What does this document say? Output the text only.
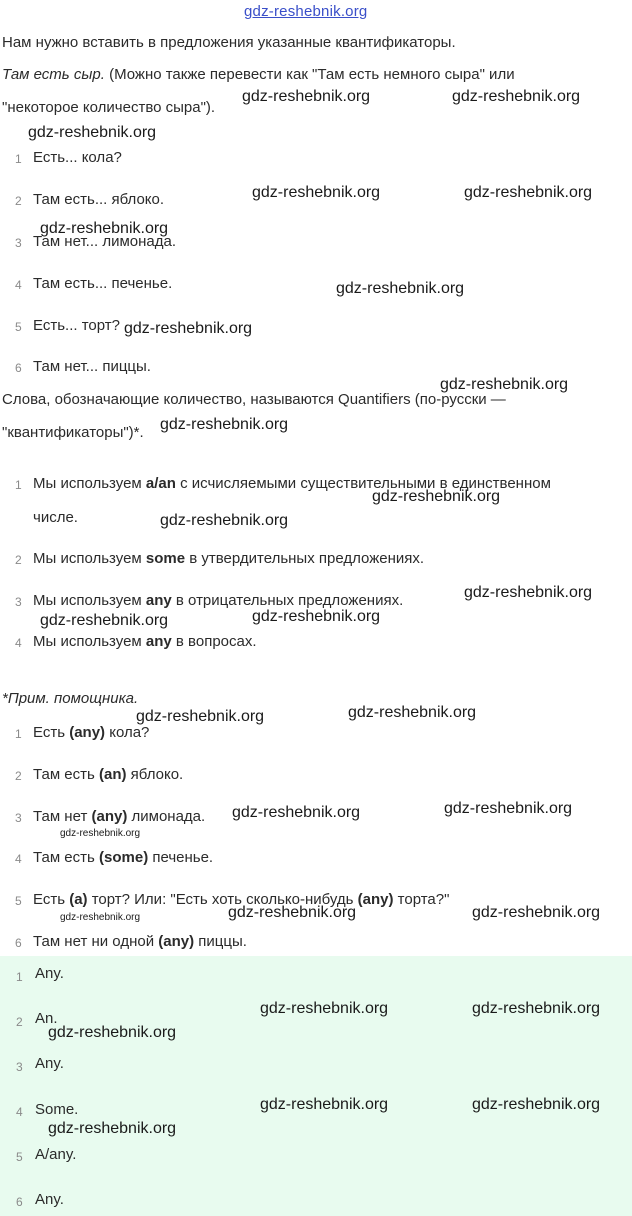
gdz-reshebnik.org
Нам нужно вставить в предложения указанные квантификаторы.
Там есть сыр. (Можно также перевести как "Там есть немного сыра" или
"некоторое количество сыра").
1 Есть... кола?
2 Там есть... яблоко.
3 Там нет... лимонада.
4 Там есть... печенье.
5 Есть... торт?
6 Там нет... пиццы.
Слова, обозначающие количество, называются Quantifiers (по-русски —
"квантификаторы")*.
1 Мы используем a/an с исчисляемыми существительными в единственном
числе.
2 Мы используем some в утвердительных предложениях.
3 Мы используем any в отрицательных предложениях.
4 Мы используем any в вопросах.
*Прим. помощника.
1 Есть (any) кола?
2 Там есть (an) яблоко.
3 Там нет (any) лимонада.
4 Там есть (some) печенье.
5 Есть (a) торт? Или: "Есть хоть сколько-нибудь (any) торта?"
6 Там нет ни одной (any) пиццы.
1 Any.
2 An.
3 Any.
4 Some.
5 A/any.
6 Any.
gdz-reshebnik.org	gdz-reshebnik.org
gdz-reshebnik.org
gdz-reshebnik.org	gdz-reshebnik.org
gdz-reshebnik.org
gdz-reshebnik.org
gdz-reshebnik.org
gdz-reshebnik.org
gdz-reshebnik.org
gdz-reshebnik.org
gdz-reshebnik.org
gdz-reshebnik.org
gdz-reshebnik.org
gdz-reshebnik.org
gdz-reshebnik.org
gdz-reshebnik.org
gdz-reshebnik.org	gdz-reshebnik.org
gdz-reshebnik.org
gdz-reshebnik.org	gdz-reshebnik.org
gdz-reshebnik.org
gdz-reshebnik.org	gdz-reshebnik.org
gdz-reshebnik.org
gdz-reshebnik.org	gdz-reshebnik.org
gdz-reshebnik.org
